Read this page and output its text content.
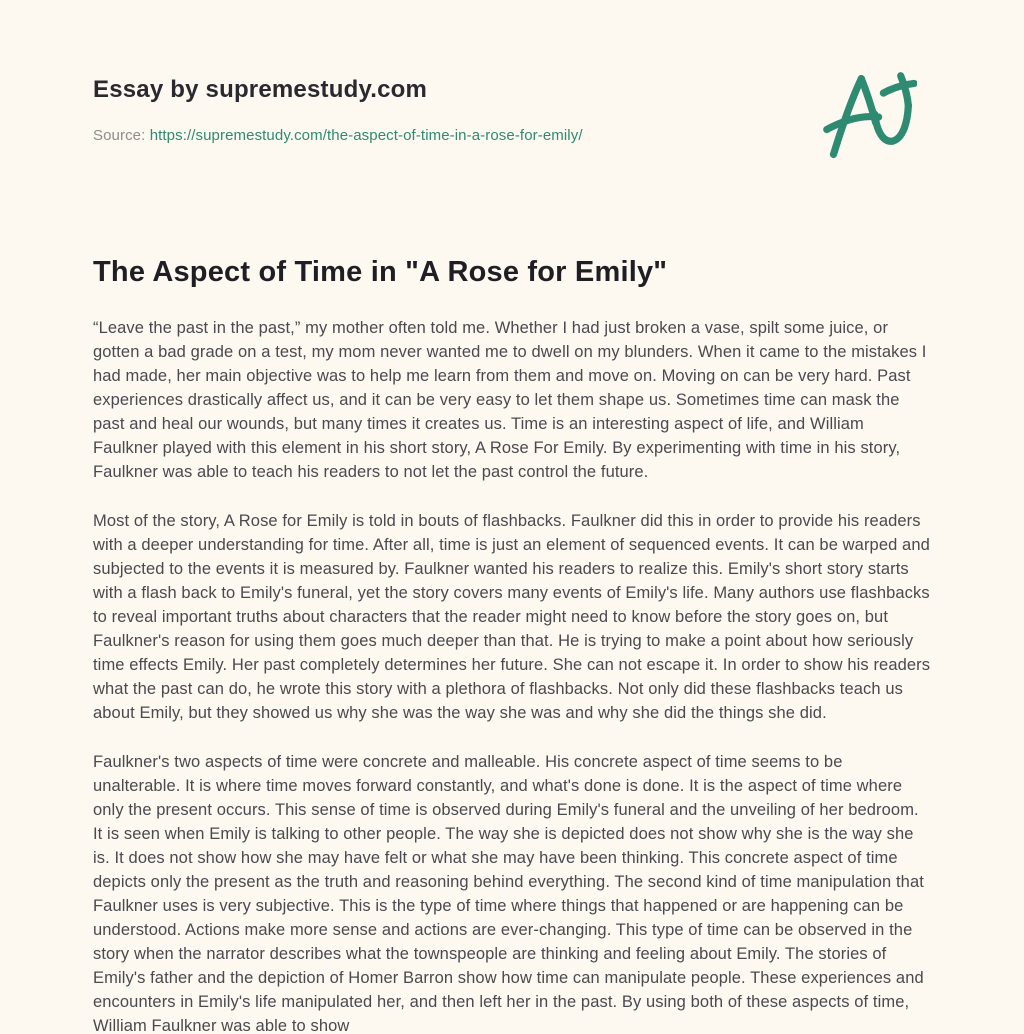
Essay by supremestudy.com
Source: https://supremestudy.com/the-aspect-of-time-in-a-rose-for-emily/
The Aspect of Time in "A Rose for Emily"

“Leave the past in the past,” my mother often told me. Whether I had just broken a vase, spilt some juice, or gotten a bad grade on a test, my mom never wanted me to dwell on my blunders. When it came to the mistakes I had made, her main objective was to help me learn from them and move on. Moving on can be very hard. Past experiences drastically affect us, and it can be very easy to let them shape us. Sometimes time can mask the past and heal our wounds, but many times it creates us. Time is an interesting aspect of life, and William Faulkner played with this element in his short story, A Rose For Emily. By experimenting with time in his story, Faulkner was able to teach his readers to not let the past control the future.

Most of the story, A Rose for Emily is told in bouts of flashbacks. Faulkner did this in order to provide his readers with a deeper understanding for time. After all, time is just an element of sequenced events. It can be warped and subjected to the events it is measured by. Faulkner wanted his readers to realize this. Emily's short story starts with a flash back to Emily's funeral, yet the story covers many events of Emily's life. Many authors use flashbacks to reveal important truths about characters that the reader might need to know before the story goes on, but Faulkner's reason for using them goes much deeper than that. He is trying to make a point about how seriously time effects Emily. Her past completely determines her future. She can not escape it. In order to show his readers what the past can do, he wrote this story with a plethora of flashbacks. Not only did these flashbacks teach us about Emily, but they showed us why she was the way she was and why she did the things she did.

Faulkner's two aspects of time were concrete and malleable. His concrete aspect of time seems to be unalterable. It is where time moves forward constantly, and what's done is done. It is the aspect of time where only the present occurs. This sense of time is observed during Emily's funeral and the unveiling of her bedroom. It is seen when Emily is talking to other people. The way she is depicted does not show why she is the way she is. It does not show how she may have felt or what she may have been thinking. This concrete aspect of time depicts only the present as the truth and reasoning behind everything. The second kind of time manipulation that Faulkner uses is very subjective. This is the type of time where things that happened or are happening can be understood. Actions make more sense and actions are ever-changing. This type of time can be observed in the story when the narrator describes what the townspeople are thinking and feeling about Emily. The stories of Emily's father and the depiction of Homer Barron show how time can manipulate people. These experiences and encounters in Emily's life manipulated her, and then left her in the past. By using both of these aspects of time, William Faulkner was able to show
